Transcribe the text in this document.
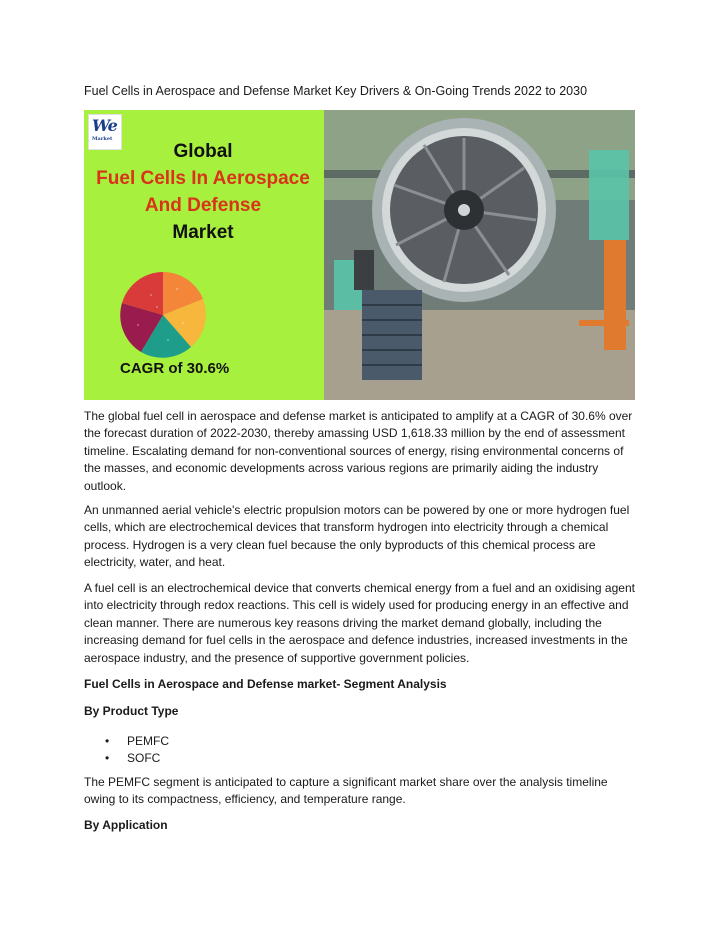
Fuel Cells in Aerospace and Defense Market Key Drivers & On-Going Trends 2022 to 2030
We
Market
Global
Fuel Cells In Aerospace
And Defense
Market
CAGR of 30.6%
The global fuel cell in aerospace and defense market is anticipated to amplify at a CAGR of 30.6% over the forecast duration of 2022-2030, thereby amassing USD 1,618.33 million by the end of assessment timeline. Escalating demand for non-conventional sources of energy, rising environmental concerns of the masses, and economic developments across various regions are primarily aiding the industry outlook.
An unmanned aerial vehicle's electric propulsion motors can be powered by one or more hydrogen fuel cells, which are electrochemical devices that transform hydrogen into electricity through a chemical process. Hydrogen is a very clean fuel because the only byproducts of this chemical process are electricity, water, and heat.
A fuel cell is an electrochemical device that converts chemical energy from a fuel and an oxidising agent into electricity through redox reactions. This cell is widely used for producing energy in an effective and clean manner. There are numerous key reasons driving the market demand globally, including the increasing demand for fuel cells in the aerospace and defence industries, increased investments in the aerospace industry, and the presence of supportive government policies.
Fuel Cells in Aerospace and Defense market- Segment Analysis
By Product Type
• PEMFC
• SOFC
The PEMFC segment is anticipated to capture a significant market share over the analysis timeline owing to its compactness, efficiency, and temperature range.
By Application
